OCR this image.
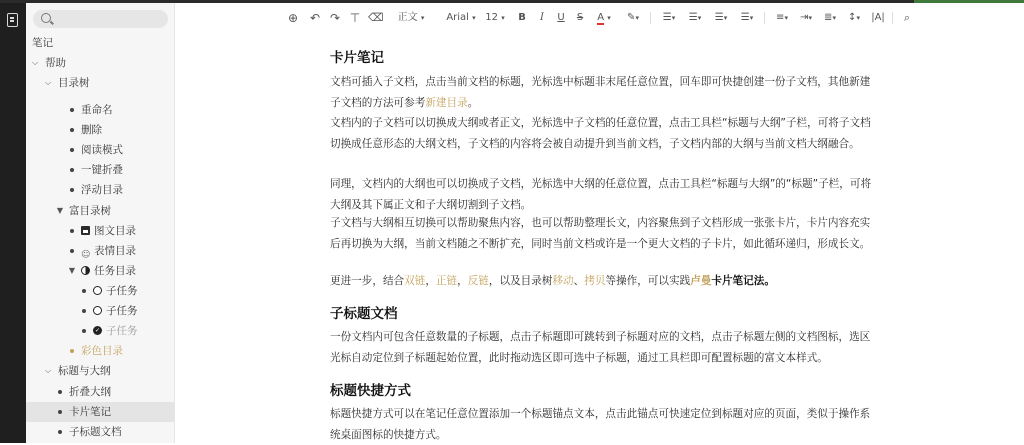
笔记
⌵ 帮助
⌵ 目录树
重命名
删除
阅读模式
一键折叠
浮动目录
▼ 富目录树
图文目录
☺ 表情目录
▼ 任务目录
子任务
子任务
✓ 子任务
彩色目录
⌵ 标题与大纲
折叠大纲
卡片笔记
子标题文档
⊕ ↶ ↷ ⊤ ⌫	正文 ▾	Arial ▾ 12 ▾ B	I	U S	A ▾	✎▾	☰▾	☰▾	☰▾	☰▾	≡▾	⇥▾	≣▾	↕▾	|A|	⌕
卡片笔记
文档可插入子文档，点击当前文档的标题，光标选中标题非末尾任意位置，回车即可快捷创建一份子文档，其他新建子文档的方法可参考新建目录。
文档内的子文档可以切换成大纲或者正文，光标选中子文档的任意位置，点击工具栏“标题与大纲”子栏，可将子文档切换成任意形态的大纲文档，子文档的内容将会被自动提升到当前文档，子文档内部的大纲与当前文档大纲融合。
同理，文档内的大纲也可以切换成子文档，光标选中大纲的任意位置，点击工具栏“标题与大纲”的“标题”子栏，可将大纲及其下属正文和子大纲切割到子文档。
子文档与大纲相互切换可以帮助聚焦内容，也可以帮助整理长文，内容聚焦到子文档形成一张张卡片，卡片内容充实后再切换为大纲，当前文档随之不断扩充，同时当前文档或许是一个更大文档的子卡片，如此循环递归，形成长文。
更进一步，结合双链，正链，反链，以及目录树移动、拷贝等操作，可以实践卢曼卡片笔记法。
子标题文档
一份文档内可包含任意数量的子标题，点击子标题即可跳转到子标题对应的文档，点击子标题左侧的文档图标，选区光标自动定位到子标题起始位置，此时拖动选区即可选中子标题，通过工具栏即可配置标题的富文本样式。
标题快捷方式
标题快捷方式可以在笔记任意位置添加一个标题锚点文本，点击此锚点可快速定位到标题对应的页面，类似于操作系统桌面图标的快捷方式。
